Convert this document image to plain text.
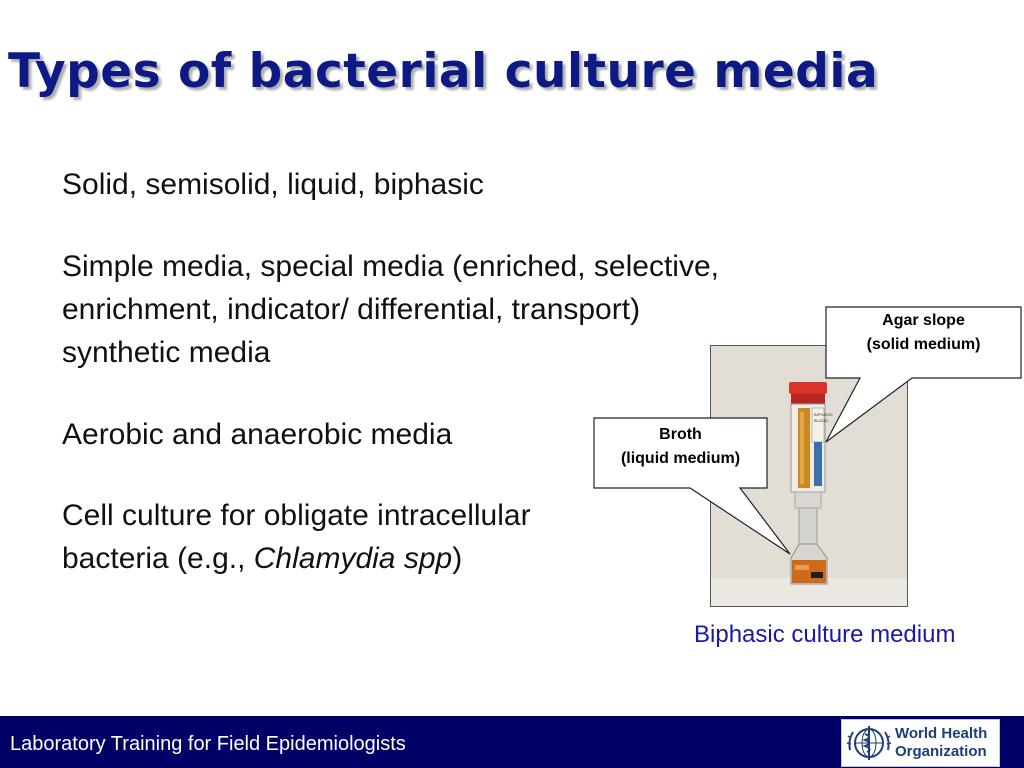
Types of bacterial culture media
Solid, semisolid, liquid, biphasic
Simple media, special media (enriched, selective,
enrichment, indicator/ differential, transport)
synthetic media
Aerobic and anaerobic media
Cell culture for obligate intracellular
bacteria (e.g., Chlamydia spp)
BIPHASIC
BLOOD
Agar slope
(solid medium)
Broth
(liquid medium)

Biphasic culture medium

Laboratory Training for Field Epidemiologists	World Health
Organization
